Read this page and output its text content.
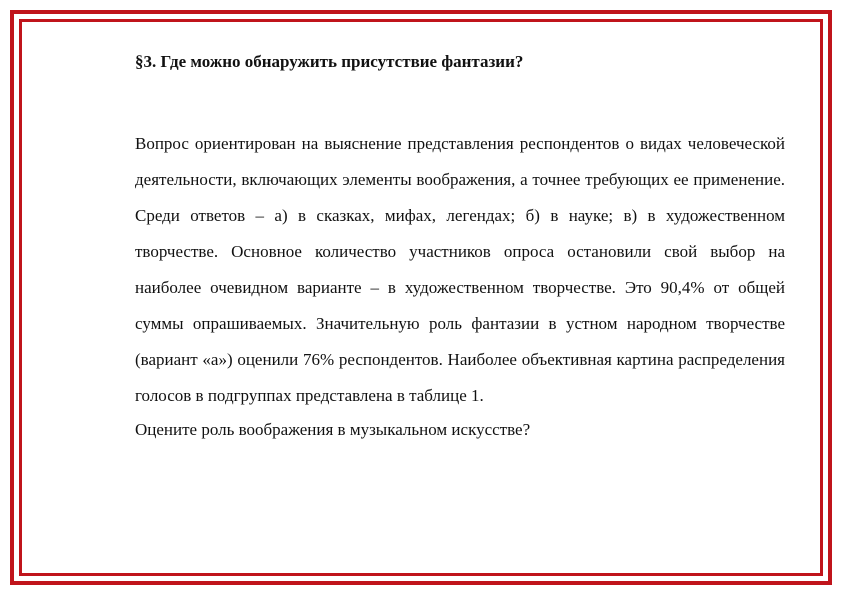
§3. Где можно обнаружить присутствие фантазии?

Вопрос ориентирован на выяснение представления респондентов о видах человеческой деятельности, включающих элементы воображения, а точнее требующих ее применение. Среди ответов – а) в сказках, мифах, легендах; б) в науке; в) в художественном творчестве. Основное количество участников опроса остановили свой выбор на наиболее очевидном варианте – в художественном творчестве. Это 90,4% от общей суммы опрашиваемых. Значительную роль фантазии в устном народном творчестве (вариант «а») оценили 76% респондентов. Наиболее объективная картина распределения голосов в подгруппах представлена в таблице 1.

Оцените роль воображения в музыкальном искусстве?
